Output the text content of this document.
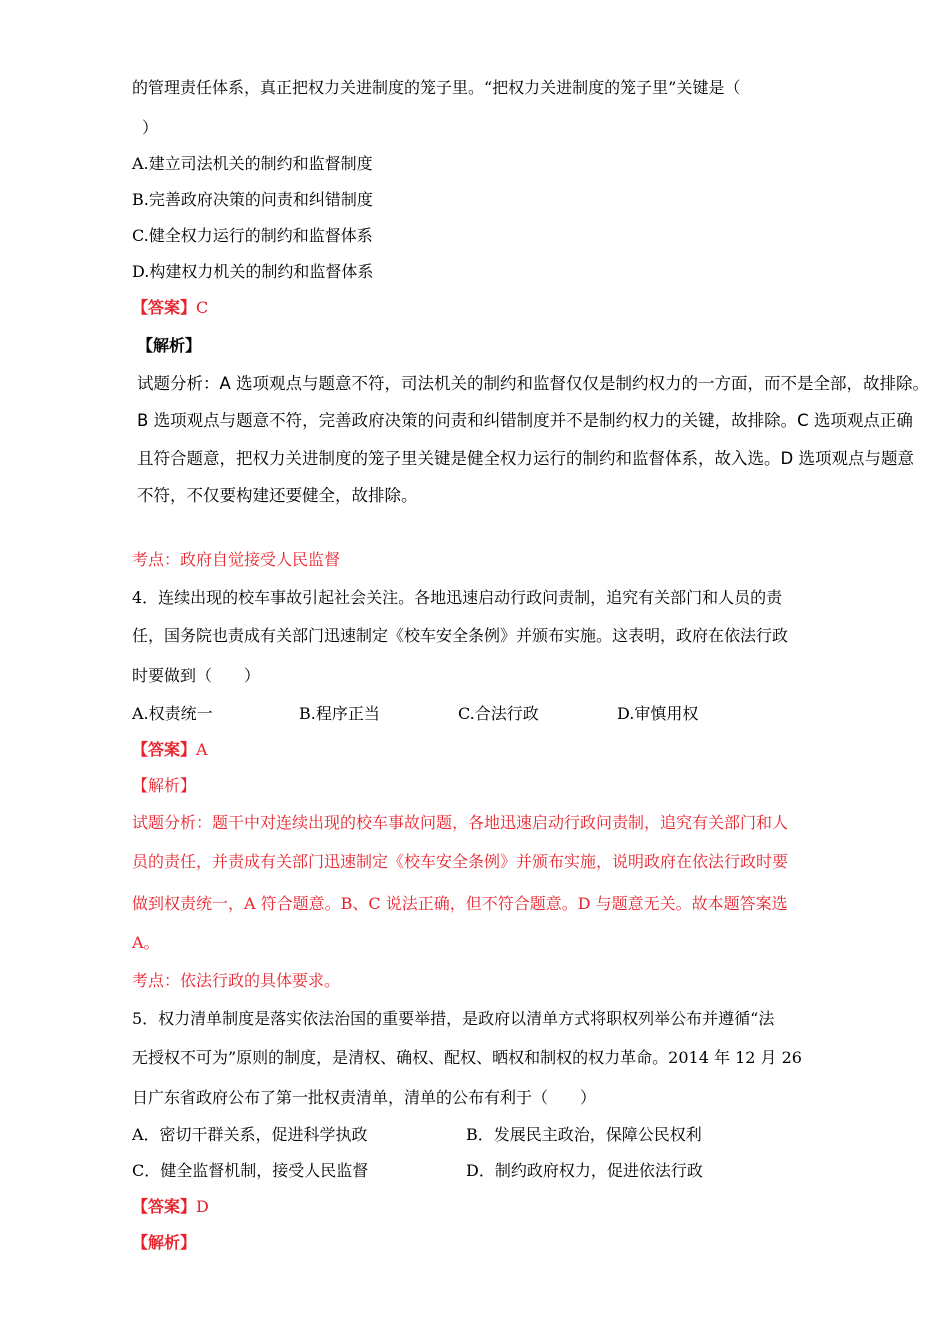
的管理责任体系，真正把权力关进制度的笼子里。“把权力关进制度的笼子里”关键是（
）
A.建立司法机关的制约和监督制度
B.完善政府决策的问责和纠错制度
C.健全权力运行的制约和监督体系
D.构建权力机关的制约和监督体系
【答案】C
【解析】
试题分析：A 选项观点与题意不符，司法机关的制约和监督仅仅是制约权力的一方面，而不是全部，故排除。
B 选项观点与题意不符，完善政府决策的问责和纠错制度并不是制约权力的关键，故排除。C 选项观点正确
且符合题意，把权力关进制度的笼子里关键是健全权力运行的制约和监督体系，故入选。D 选项观点与题意
不符，不仅要构建还要健全，故排除。
考点：政府自觉接受人民监督
4．连续出现的校车事故引起社会关注。各地迅速启动行政问责制，追究有关部门和人员的责
任，国务院也责成有关部门迅速制定《校车安全条例》并颁布实施。这表明，政府在依法行政
时要做到（　　）
A.权责统一	B.程序正当	C.合法行政	D.审慎用权
【答案】A
【解析】
试题分析：题干中对连续出现的校车事故问题，各地迅速启动行政问责制，追究有关部门和人
员的责任，并责成有关部门迅速制定《校车安全条例》并颁布实施，说明政府在依法行政时要
做到权责统一，A 符合题意。B、C 说法正确，但不符合题意。D 与题意无关。故本题答案选
A。
考点：依法行政的具体要求。
5．权力清单制度是落实依法治国的重要举措，是政府以清单方式将职权列举公布并遵循“法
无授权不可为”原则的制度，是清权、确权、配权、晒权和制权的权力革命。2014 年 12 月 26
日广东省政府公布了第一批权责清单，清单的公布有利于（　　）
A．密切干群关系，促进科学执政	B．发展民主政治，保障公民权利
C．健全监督机制，接受人民监督	D．制约政府权力，促进依法行政
【答案】D
【解析】
